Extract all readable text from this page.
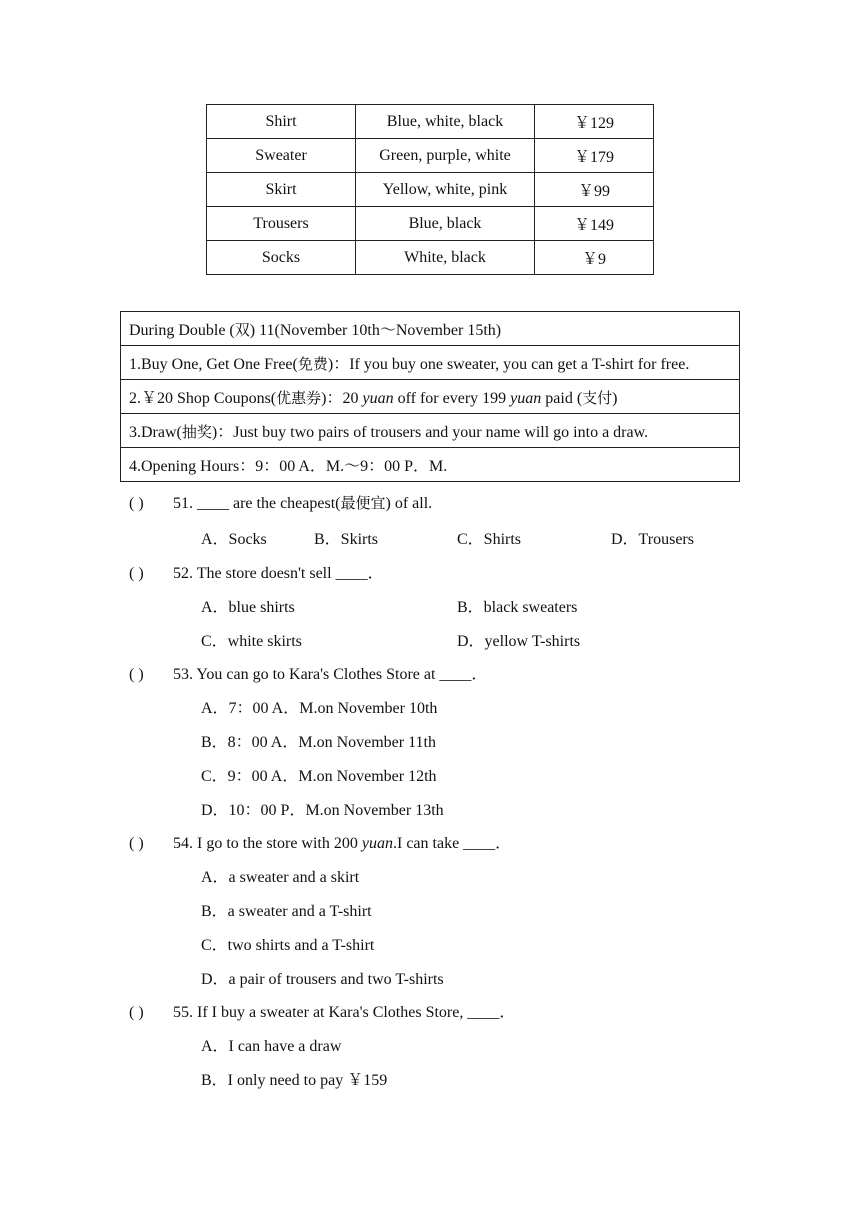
Shirt	Blue, white, black	￥129
Sweater	Green, purple, white	￥179
Skirt	Yellow, white, pink	￥99
Trousers	Blue, black	￥149
Socks	White, black	￥9
During Double (双) 11(November 10th～November 15th)
1.Buy One, Get One Free(免费)：If you buy one sweater, you can get a T-shirt for free.
2.￥20 Shop Coupons(优惠券)：20 yuan off for every 199 yuan paid (支付)
3.Draw(抽奖)：Just buy two pairs of trousers and your name will go into a draw.
4.Opening Hours：9：00 A．M.～9：00 P．M.
( ) 51. ____ are the cheapest(最便宜) of all.
A．Socks	B．Skirts	C．Shirts	D．Trousers
( ) 52. The store doesn't sell ____．
A．blue shirts	B．black sweaters
C．white skirts	D．yellow T-shirts
( ) 53. You can go to Kara's Clothes Store at ____．
A．7：00 A．M.on November 10th
B．8：00 A．M.on November 11th
C．9：00 A．M.on November 12th
D．10：00 P．M.on November 13th
( ) 54. I go to the store with 200 yuan.I can take ____．
A．a sweater and a skirt
B．a sweater and a T-shirt
C．two shirts and a T-shirt
D．a pair of trousers and two T-shirts
( ) 55. If I buy a sweater at Kara's Clothes Store, ____．
A．I can have a draw
B．I only need to pay ￥159
